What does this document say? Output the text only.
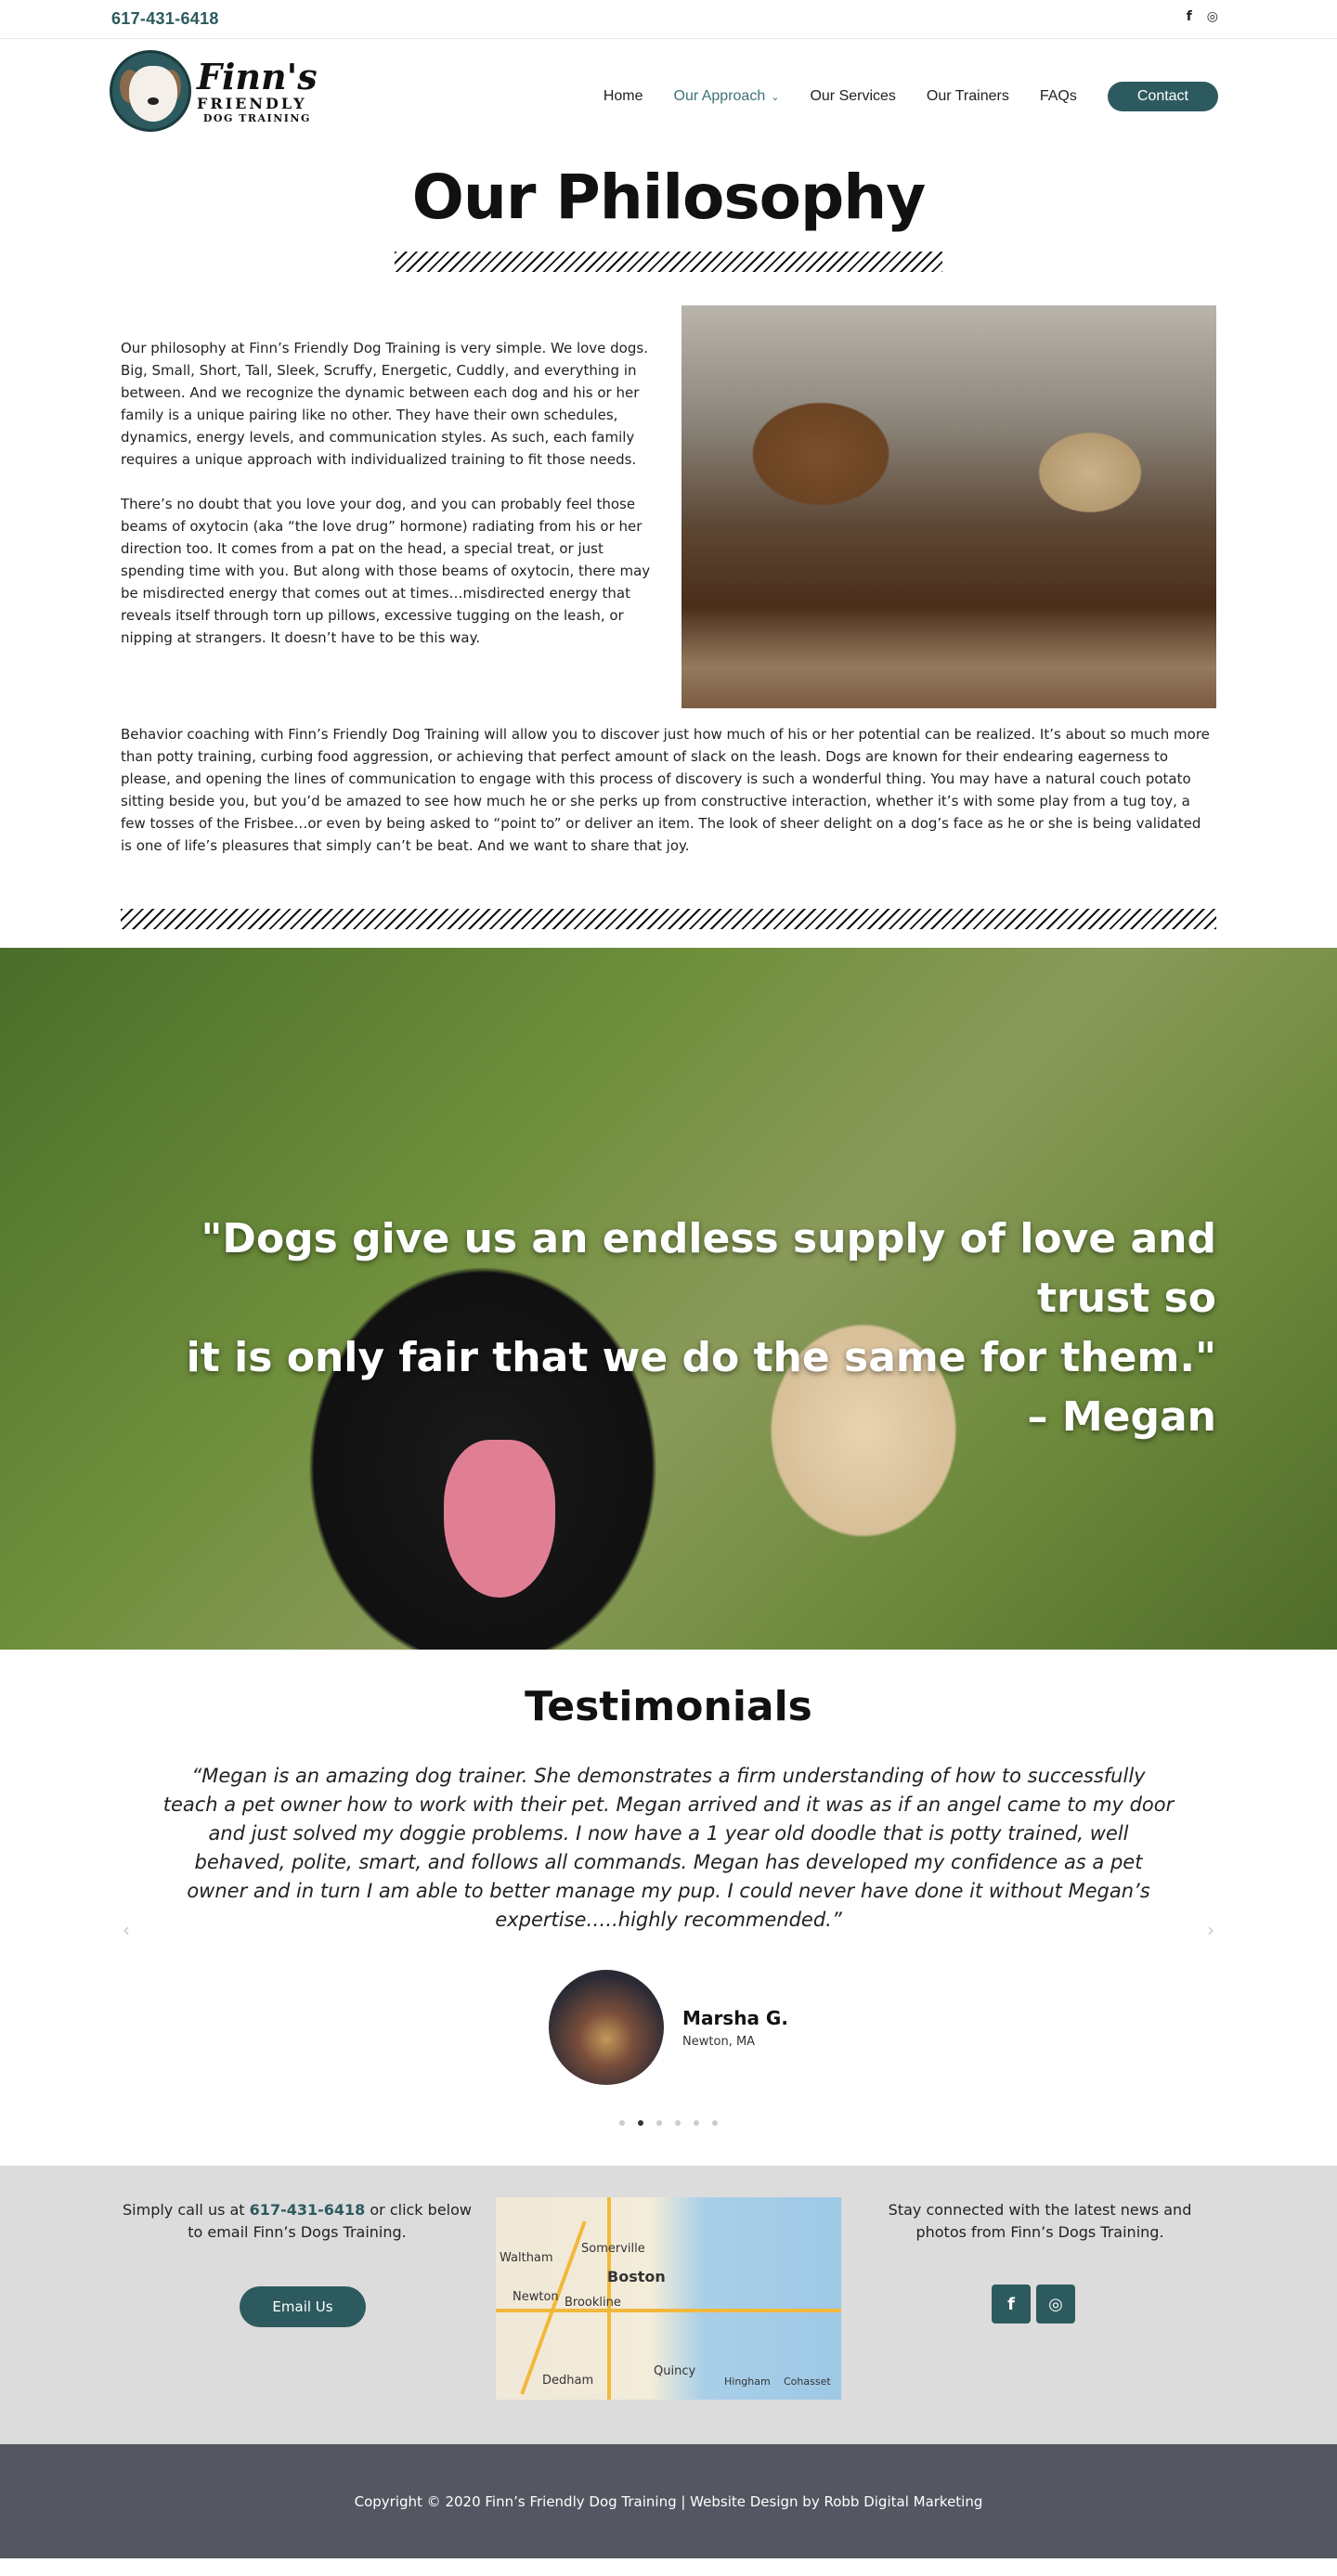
617-431-6418	f ◎
Finn's
FRIENDLY
DOG TRAINING
Home Our Approach ⌄ Our Services Our Trainers FAQs	Contact
Our Philosophy

Our philosophy at Finn’s Friendly Dog Training is very simple. We love dogs. Big, Small, Short, Tall, Sleek, Scruffy, Energetic, Cuddly, and everything in between. And we recognize the dynamic between each dog and his or her family is a unique pairing like no other. They have their own schedules, dynamics, energy levels, and communication styles. As such, each family requires a unique approach with individualized training to fit those needs.

There’s no doubt that you love your dog, and you can probably feel those beams of oxytocin (aka “the love drug” hormone) radiating from his or her direction too. It comes from a pat on the head, a special treat, or just spending time with you. But along with those beams of oxytocin, there may be misdirected energy that comes out at times…misdirected energy that reveals itself through torn up pillows, excessive tugging on the leash, or nipping at strangers. It doesn’t have to be this way.

Behavior coaching with Finn’s Friendly Dog Training will allow you to discover just how much of his or her potential can be realized. It’s about so much more than potty training, curbing food aggression, or achieving that perfect amount of slack on the leash. Dogs are known for their endearing eagerness to please, and opening the lines of communication to engage with this process of discovery is such a wonderful thing. You may have a natural couch potato sitting beside you, but you’d be amazed to see how much he or she perks up from constructive interaction, whether it’s with some play from a tug toy, a few tosses of the Frisbee…or even by being asked to “point to” or deliver an item. The look of sheer delight on a dog’s face as he or she is being validated is one of life’s pleasures that simply can’t be beat. And we want to share that joy.
"Dogs give us an endless supply of love and trust so
it is only fair that we do the same for them."
– Megan
Testimonials
‹	›

“Megan is an amazing dog trainer. She demonstrates a firm understanding of how to successfully teach a pet owner how to work with their pet. Megan arrived and it was as if an angel came to my door and just solved my doggie problems. I now have a 1 year old doodle that is potty trained, well behaved, polite, smart, and follows all commands. Megan has developed my confidence as a pet owner and in turn I am able to better manage my pup. I could never have done it without Megan’s expertise…..highly recommended.”

Marsha G.
Newton, MA
Simply call us at 617-431-6418 or click below to email Finn’s Dogs Training.
Email Us
Somerville
Waltham
Boston
Newton Brookline
Dedham
Quincy
Hingham Cohasset
Stay connected with the latest news and photos from Finn’s Dogs Training.
f	◎
Copyright © 2020 Finn’s Friendly Dog Training | Website Design by Robb Digital Marketing
